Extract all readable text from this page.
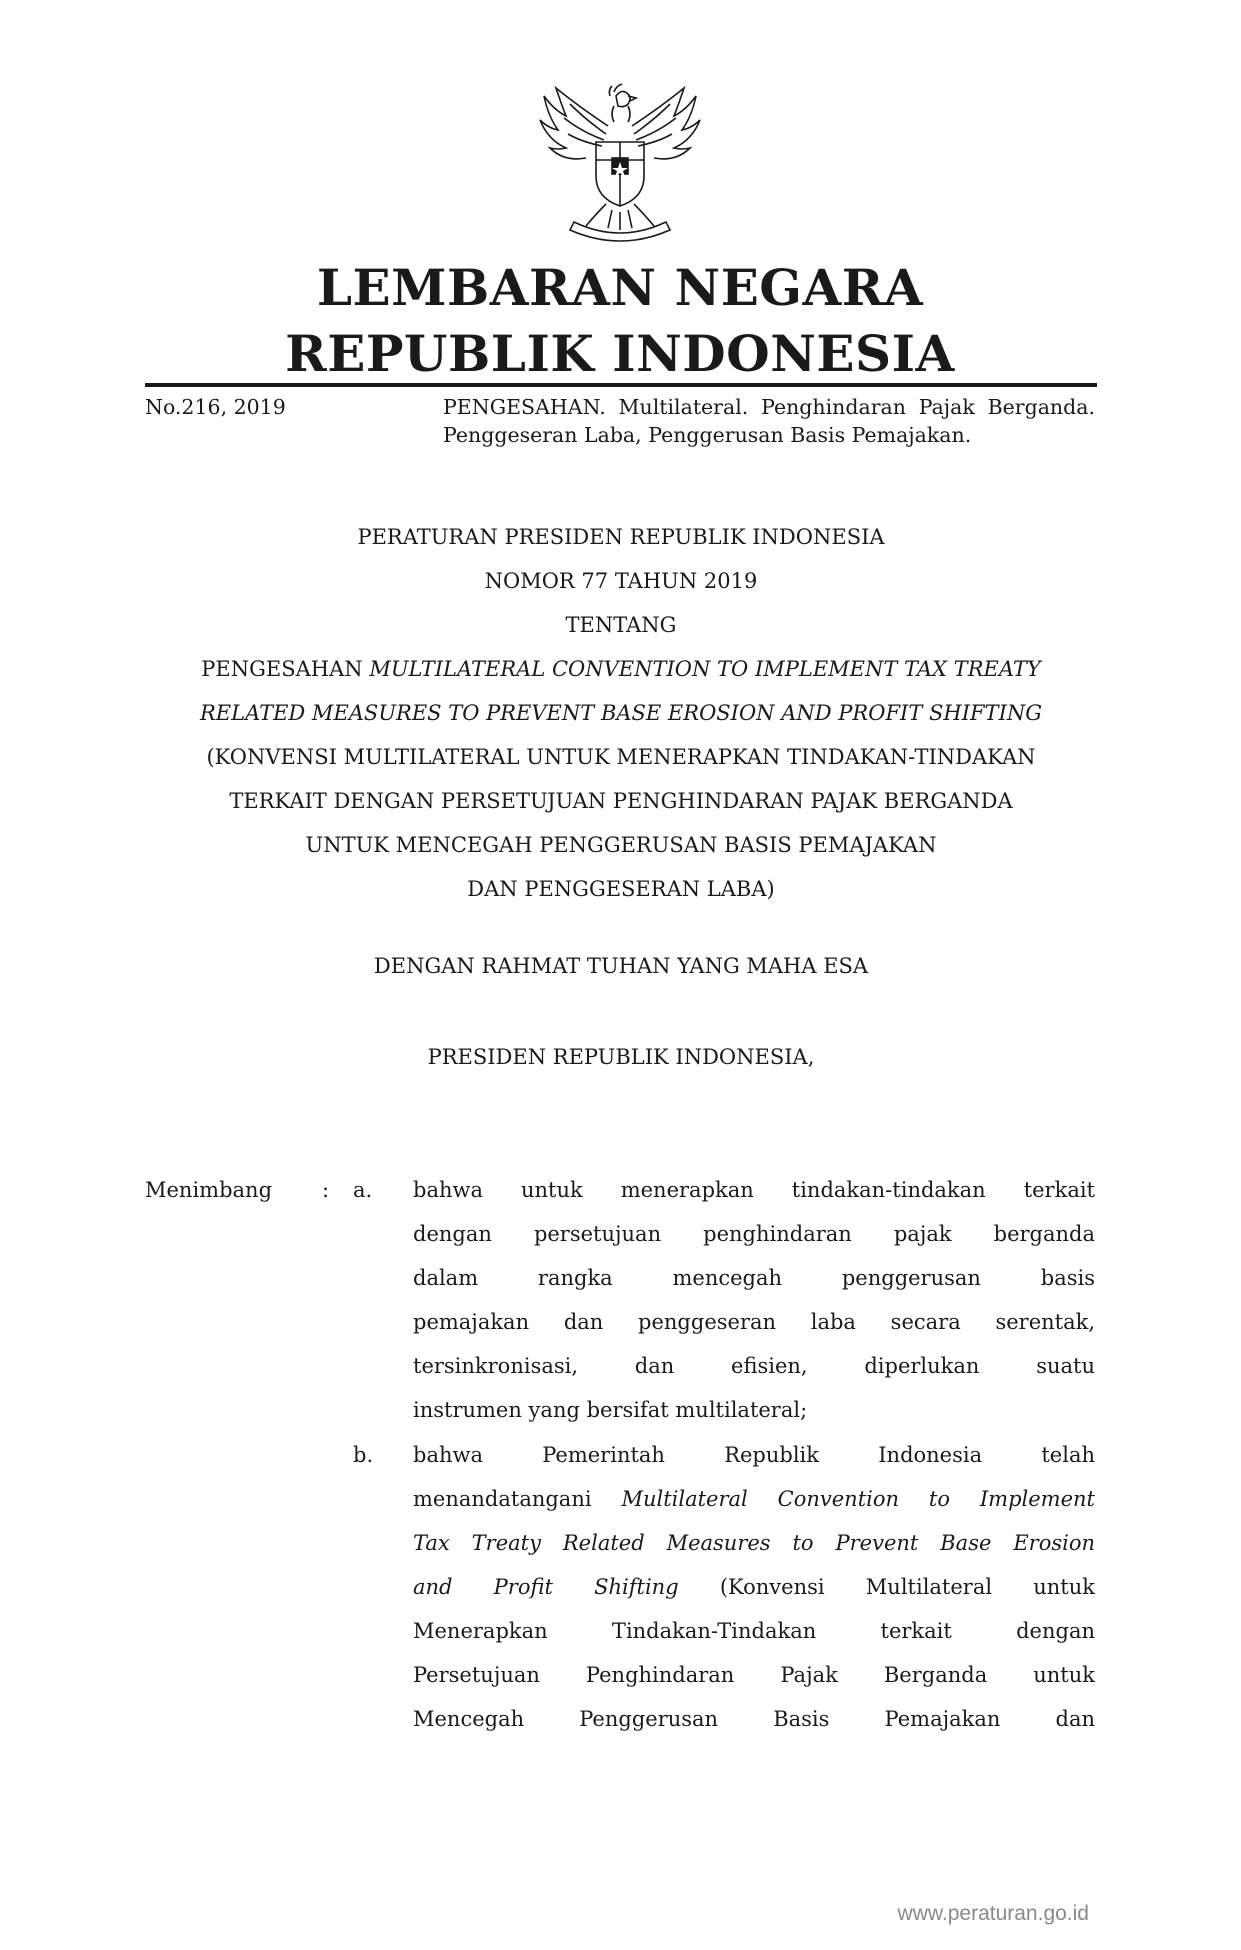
LEMBARAN NEGARA
REPUBLIK INDONESIA
No.216, 2019	PENGESAHAN. Multilateral. Penghindaran Pajak Berganda. Penggeseran Laba, Penggerusan Basis Pemajakan.
PERATURAN PRESIDEN REPUBLIK INDONESIA
NOMOR 77 TAHUN 2019
TENTANG
PENGESAHAN MULTILATERAL CONVENTION TO IMPLEMENT TAX TREATY
RELATED MEASURES TO PREVENT BASE EROSION AND PROFIT SHIFTING
(KONVENSI MULTILATERAL UNTUK MENERAPKAN TINDAKAN-TINDAKAN
TERKAIT DENGAN PERSETUJUAN PENGHINDARAN PAJAK BERGANDA
UNTUK MENCEGAH PENGGERUSAN BASIS PEMAJAKAN
DAN PENGGESERAN LABA)
DENGAN RAHMAT TUHAN YANG MAHA ESA
PRESIDEN REPUBLIK INDONESIA,
Menimbang : a. bahwa untuk menerapkan tindakan-tindakan terkait
dengan persetujuan penghindaran pajak berganda
dalam rangka mencegah penggerusan basis
pemajakan dan penggeseran laba secara serentak,
tersinkronisasi, dan efisien, diperlukan suatu
instrumen yang bersifat multilateral;
b. bahwa Pemerintah Republik Indonesia telah
menandatangani Multilateral Convention to Implement
Tax Treaty Related Measures to Prevent Base Erosion
and Profit Shifting (Konvensi Multilateral untuk
Menerapkan Tindakan-Tindakan terkait dengan
Persetujuan Penghindaran Pajak Berganda untuk
Mencegah Penggerusan Basis Pemajakan dan
www.peraturan.go.id
